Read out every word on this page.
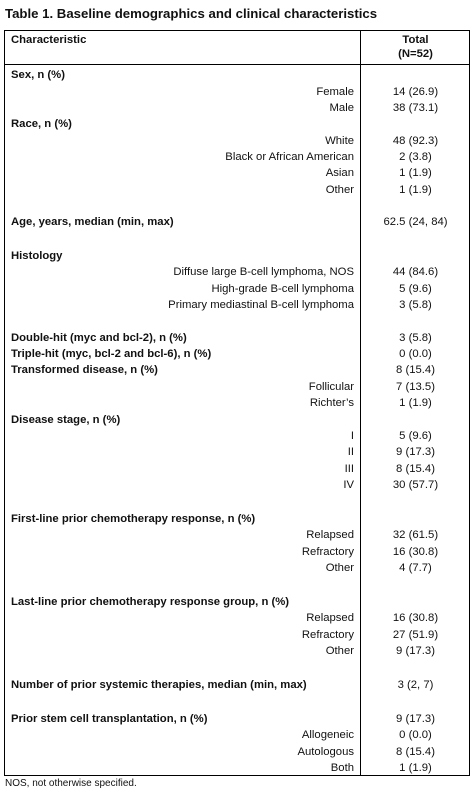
Table 1. Baseline demographics and clinical characteristics
Characteristic	Total
(N=52)
Sex, n (%)
Female	14 (26.9)
Male	38 (73.1)
Race, n (%)
White	48 (92.3)
Black or African American	2 (3.8)
Asian	1 (1.9)
Other	1 (1.9)
Age, years, median (min, max)	62.5 (24, 84)
Histology
Diffuse large B-cell lymphoma, NOS	44 (84.6)
High-grade B-cell lymphoma	5 (9.6)
Primary mediastinal B-cell lymphoma	3 (5.8)
Double-hit (myc and bcl-2), n (%)	3 (5.8)
Triple-hit (myc, bcl-2 and bcl-6), n (%)	0 (0.0)
Transformed disease, n (%)	8 (15.4)
Follicular	7 (13.5)
Richter’s	1 (1.9)
Disease stage, n (%)
I	5 (9.6)
II	9 (17.3)
III	8 (15.4)
IV	30 (57.7)
First-line prior chemotherapy response, n (%)
Relapsed	32 (61.5)
Refractory	16 (30.8)
Other	4 (7.7)
Last-line prior chemotherapy response group, n (%)
Relapsed	16 (30.8)
Refractory	27 (51.9)
Other	9 (17.3)
Number of prior systemic therapies, median (min, max)	3 (2, 7)
Prior stem cell transplantation, n (%)	9 (17.3)
Allogeneic	0 (0.0)
Autologous	8 (15.4)
Both	1 (1.9)
NOS, not otherwise specified.
